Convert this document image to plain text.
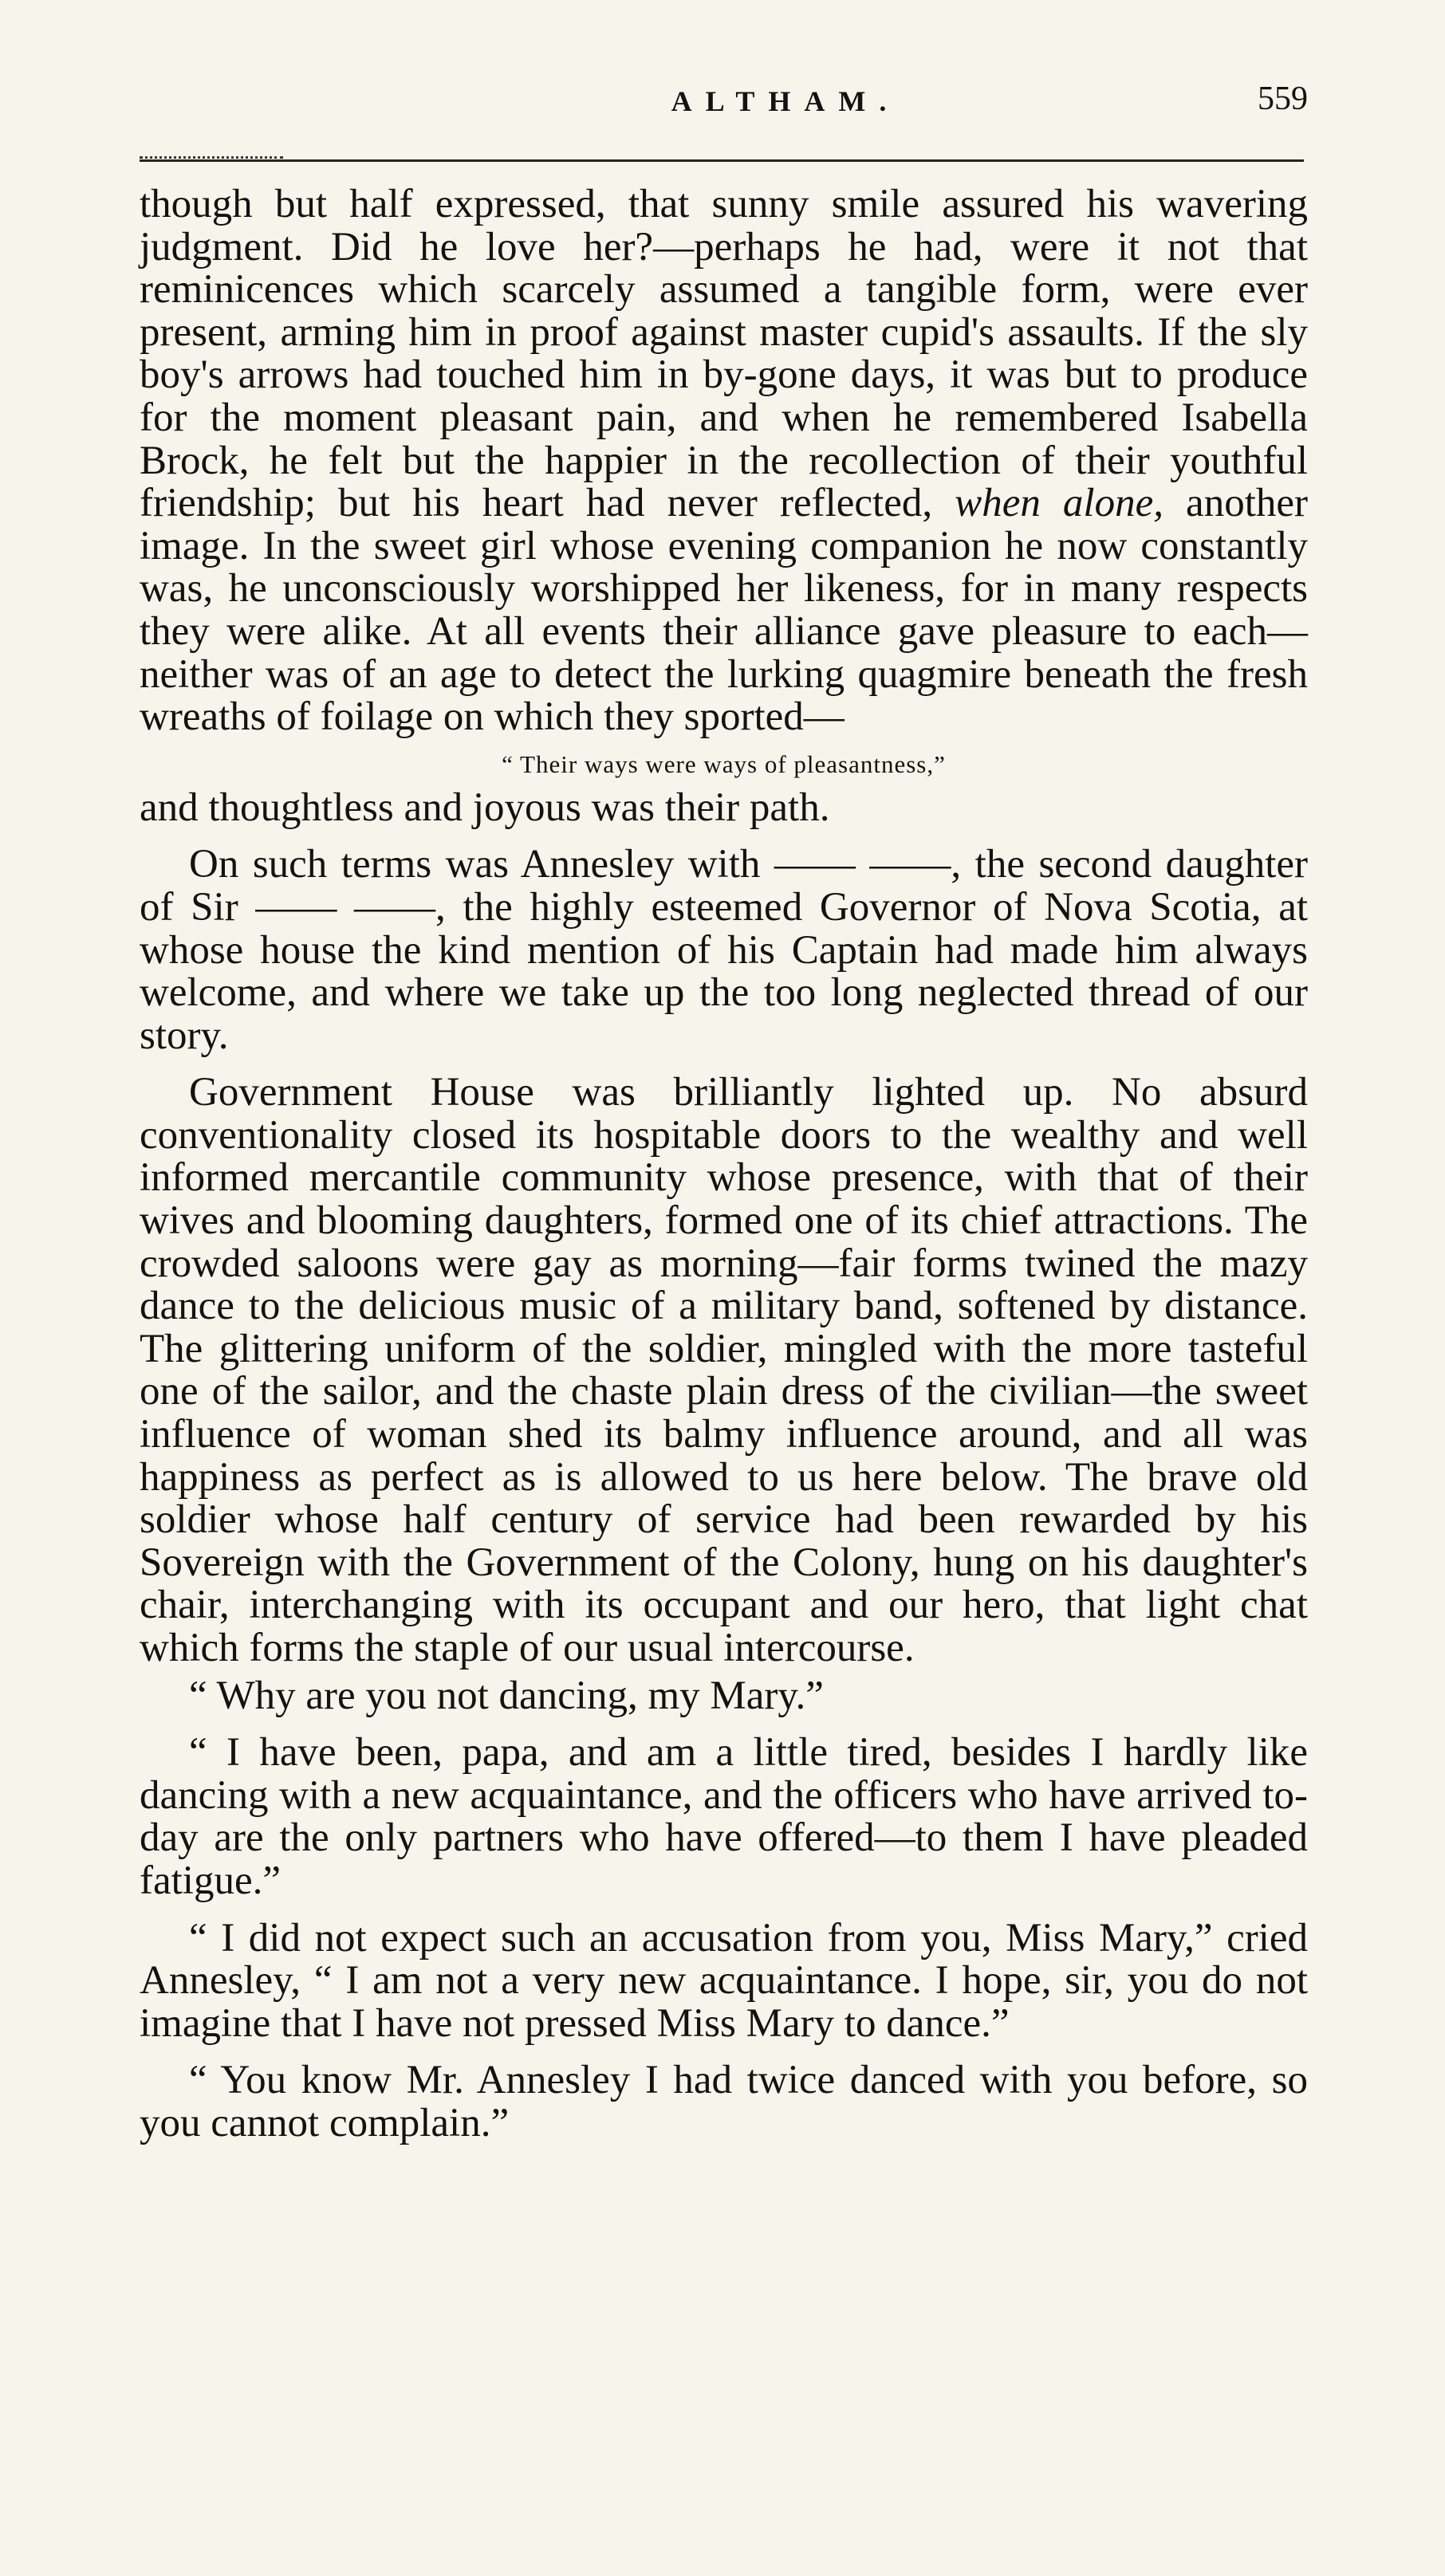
ALTHAM.	559

though but half expressed, that sunny smile assured his wavering judgment. Did he love her?—perhaps he had, were it not that reminicences which scarcely assumed a tangible form, were ever present, arming him in proof against master cupid's assaults. If the sly boy's arrows had touched him in by-gone days, it was but to produce for the moment pleasant pain, and when he remembered Isabella Brock, he felt but the happier in the recollection of their youthful friendship; but his heart had never reflected, when alone, another image. In the sweet girl whose evening companion he now constantly was, he unconsciously worshipped her likeness, for in many respects they were alike. At all events their alliance gave pleasure to each—neither was of an age to detect the lurking quagmire beneath the fresh wreaths of foilage on which they sported—

“ Their ways were ways of pleasantness,”

and thoughtless and joyous was their path.

On such terms was Annesley with —— ——, the second daughter of Sir —— ——, the highly esteemed Governor of Nova Scotia, at whose house the kind mention of his Captain had made him always welcome, and where we take up the too long neglected thread of our story.

Government House was brilliantly lighted up. No absurd conventionality closed its hospitable doors to the wealthy and well informed mercantile community whose presence, with that of their wives and blooming daughters, formed one of its chief attractions. The crowded saloons were gay as morning—fair forms twined the mazy dance to the delicious music of a military band, softened by distance. The glittering uniform of the soldier, mingled with the more tasteful one of the sailor, and the chaste plain dress of the civilian—the sweet influence of woman shed its balmy influence around, and all was happiness as perfect as is allowed to us here below. The brave old soldier whose half century of service had been rewarded by his Sovereign with the Government of the Colony, hung on his daughter's chair, interchanging with its occupant and our hero, that light chat which forms the staple of our usual intercourse.

“ Why are you not dancing, my Mary.”

“ I have been, papa, and am a little tired, besides I hardly like dancing with a new acquaintance, and the officers who have arrived to-day are the only partners who have offered—to them I have pleaded fatigue.”

“ I did not expect such an accusation from you, Miss Mary,” cried Annesley, “ I am not a very new acquaintance. I hope, sir, you do not imagine that I have not pressed Miss Mary to dance.”

“ You know Mr. Annesley I had twice danced with you before, so you cannot complain.”
